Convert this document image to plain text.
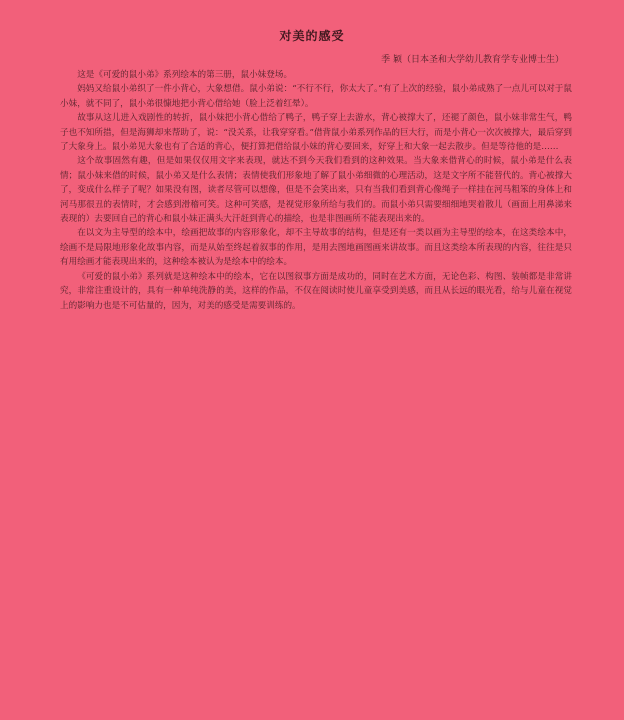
对美的感受
季 颖（日本圣和大学幼儿教育学专业博士生）

这是《可爱的鼠小弟》系列绘本的第三册，鼠小妹登场。

妈妈又给鼠小弟织了一件小背心，大象想借。鼠小弟说：“不行不行，你太大了。”有了上次的经验，鼠小弟成熟了一点儿可以对于鼠小妹，就不同了，鼠小弟很慷地把小背心借给她（脸上泛着红晕）。

故事从这儿进入戏剧性的转折，鼠小妹把小背心借给了鸭子，鸭子穿上去游水，背心被撑大了，还褪了颜色，鼠小妹非常生气，鸭子也不知所措，但是海狮却来帮助了，说：“没关系，让我穿穿看。”借背鼠小弟系列作品的巨大行，而是小背心一次次被撑大，最后穿到了大象身上。鼠小弟见大象也有了合适的背心，便打算把借给鼠小妹的背心要回来，好穿上和大象一起去散步。但是等待他的是……

这个故事固然有趣，但是如果仅仅用文字来表现，就达不到今天我们看到的这种效果。当大象来借背心的时候，鼠小弟是什么表情；鼠小妹来借的时候，鼠小弟又是什么表情；表情使我们形象地了解了鼠小弟细微的心理活动，这是文字所不能替代的。背心被撑大了，变成什么样子了呢？如果没有图，读者尽管可以想像，但是不会笑出来，只有当我们看到背心像绳子一样挂在河马粗笨的身体上和河马那很丑的表情时，才会感到滑稽可笑。这种可笑感，是视觉形象所给与我们的。而鼠小弟只需要细细地哭着散儿（画面上用鼻涕来表现的）去要回自己的背心和鼠小妹正满头大汗赶到背心的描绘，也是非图画所不能表现出来的。

在以文为主导型的绘本中，绘画把故事的内容形象化，却不主导故事的结构，但是还有一类以画为主导型的绘本，在这类绘本中，绘画不是局限地形象化故事内容，而是从始至终起着叙事的作用，是用去图地画图画来讲故事。而且这类绘本所表现的内容，往往是只有用绘画才能表现出来的，这种绘本被认为是绘本中的绘本。

《可爱的鼠小弟》系列就是这种绘本中的绘本，它在以图叙事方面是成功的，同时在艺术方面，无论色彩、构图、装帧都是非常讲究，非常注重设计的，具有一种单纯洗静的美，这样的作品，不仅在阅读时使儿童享受到美感，而且从长远的眼光看，给与儿童在视觉上的影响力也是不可估量的，因为，对美的感受是需要训练的。
